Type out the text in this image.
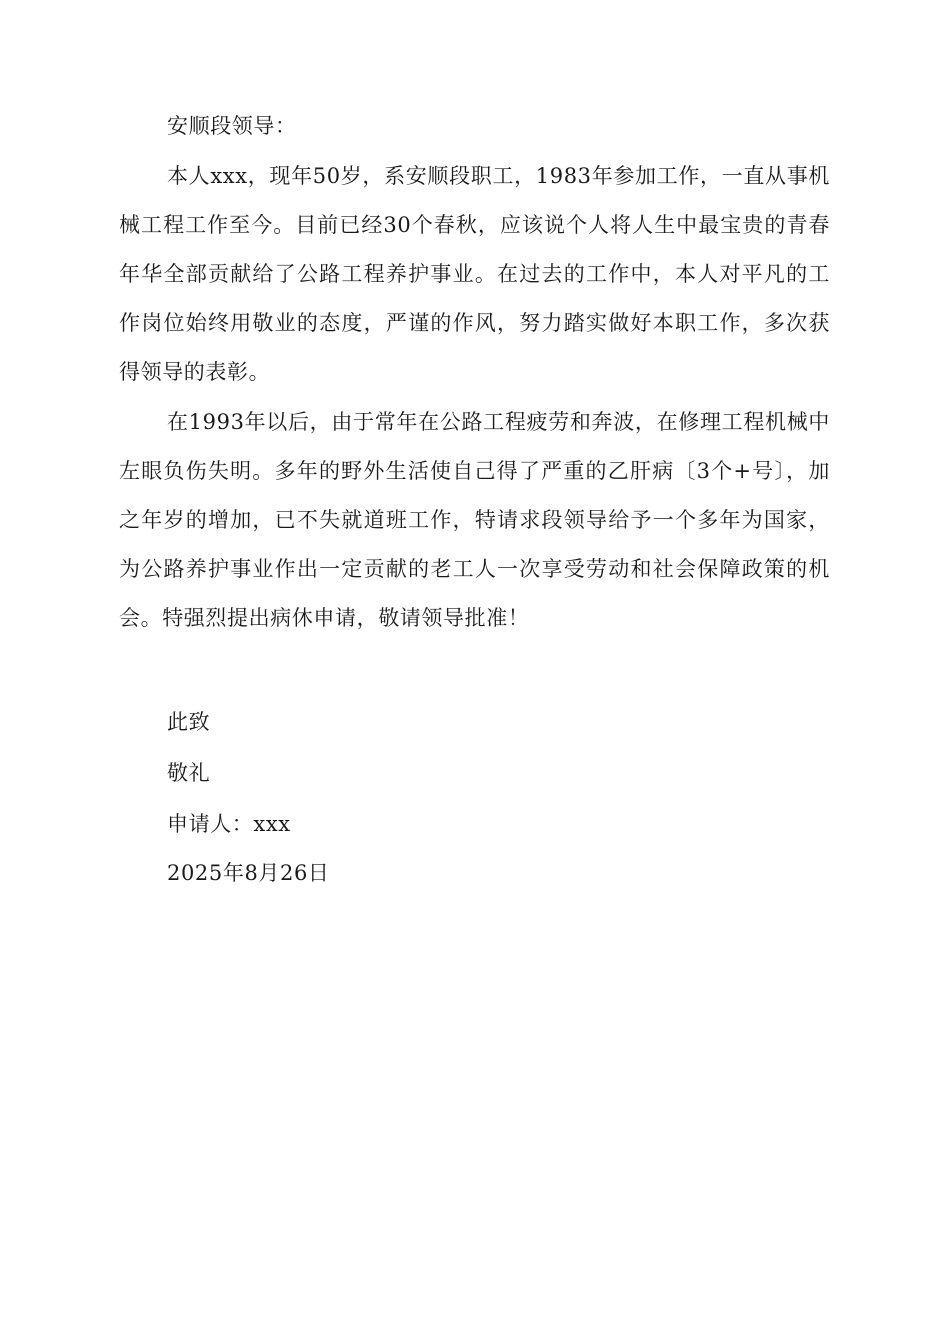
安顺段领导：
本人xxx，现年50岁，系安顺段职工，1983年参加工作，一直从事机械工程工作至今。目前已经30个春秋，应该说个人将人生中最宝贵的青春年华全部贡献给了公路工程养护事业。在过去的工作中，本人对平凡的工作岗位始终用敬业的态度，严谨的作风，努力踏实做好本职工作，多次获得领导的表彰。
在1993年以后，由于常年在公路工程疲劳和奔波，在修理工程机械中左眼负伤失明。多年的野外生活使自己得了严重的乙肝病〔3个+号〕，加之年岁的增加，已不失就道班工作，特请求段领导给予一个多年为国家，为公路养护事业作出一定贡献的老工人一次享受劳动和社会保障政策的机会。特强烈提出病休申请，敬请领导批准！
此致
敬礼
申请人：xxx
2025年8月26日
